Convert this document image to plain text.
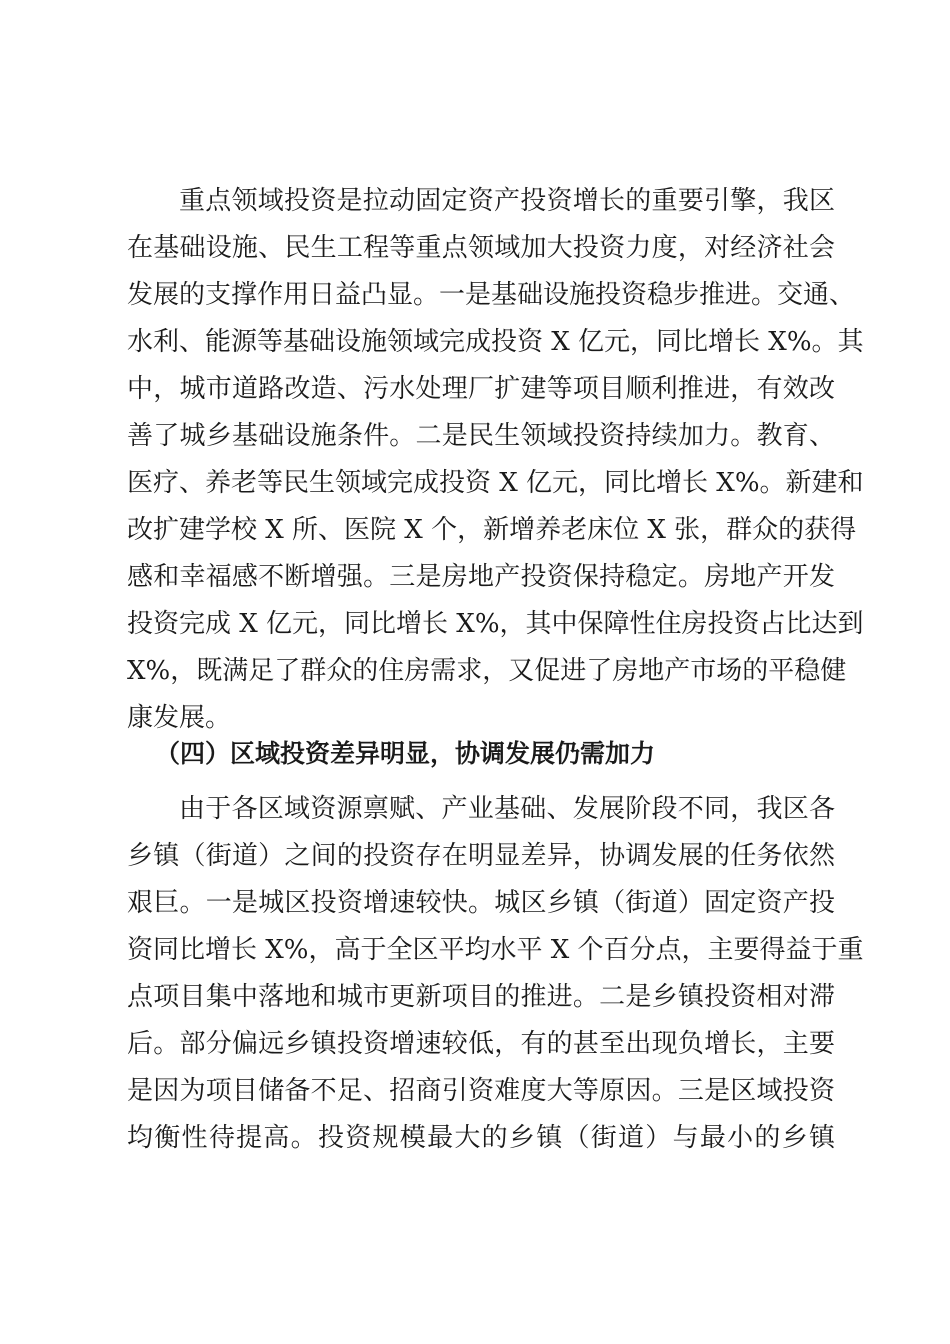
重点领域投资是拉动固定资产投资增长的重要引擎，我区
在基础设施、民生工程等重点领域加大投资力度，对经济社会
发展的支撑作用日益凸显。一是基础设施投资稳步推进。交通、
水利、能源等基础设施领域完成投资 X 亿元，同比增长 X%。其
中，城市道路改造、污水处理厂扩建等项目顺利推进，有效改
善了城乡基础设施条件。二是民生领域投资持续加力。教育、
医疗、养老等民生领域完成投资 X 亿元，同比增长 X%。新建和
改扩建学校 X 所、医院 X 个，新增养老床位 X 张，群众的获得
感和幸福感不断增强。三是房地产投资保持稳定。房地产开发
投资完成 X 亿元，同比增长 X%，其中保障性住房投资占比达到
X%，既满足了群众的住房需求，又促进了房地产市场的平稳健
康发展。
（四）区域投资差异明显，协调发展仍需加力
由于各区域资源禀赋、产业基础、发展阶段不同，我区各
乡镇（街道）之间的投资存在明显差异，协调发展的任务依然
艰巨。一是城区投资增速较快。城区乡镇（街道）固定资产投
资同比增长 X%，高于全区平均水平 X 个百分点，主要得益于重
点项目集中落地和城市更新项目的推进。二是乡镇投资相对滞
后。部分偏远乡镇投资增速较低，有的甚至出现负增长，主要
是因为项目储备不足、招商引资难度大等原因。三是区域投资
均衡性待提高。投资规模最大的乡镇（街道）与最小的乡镇
